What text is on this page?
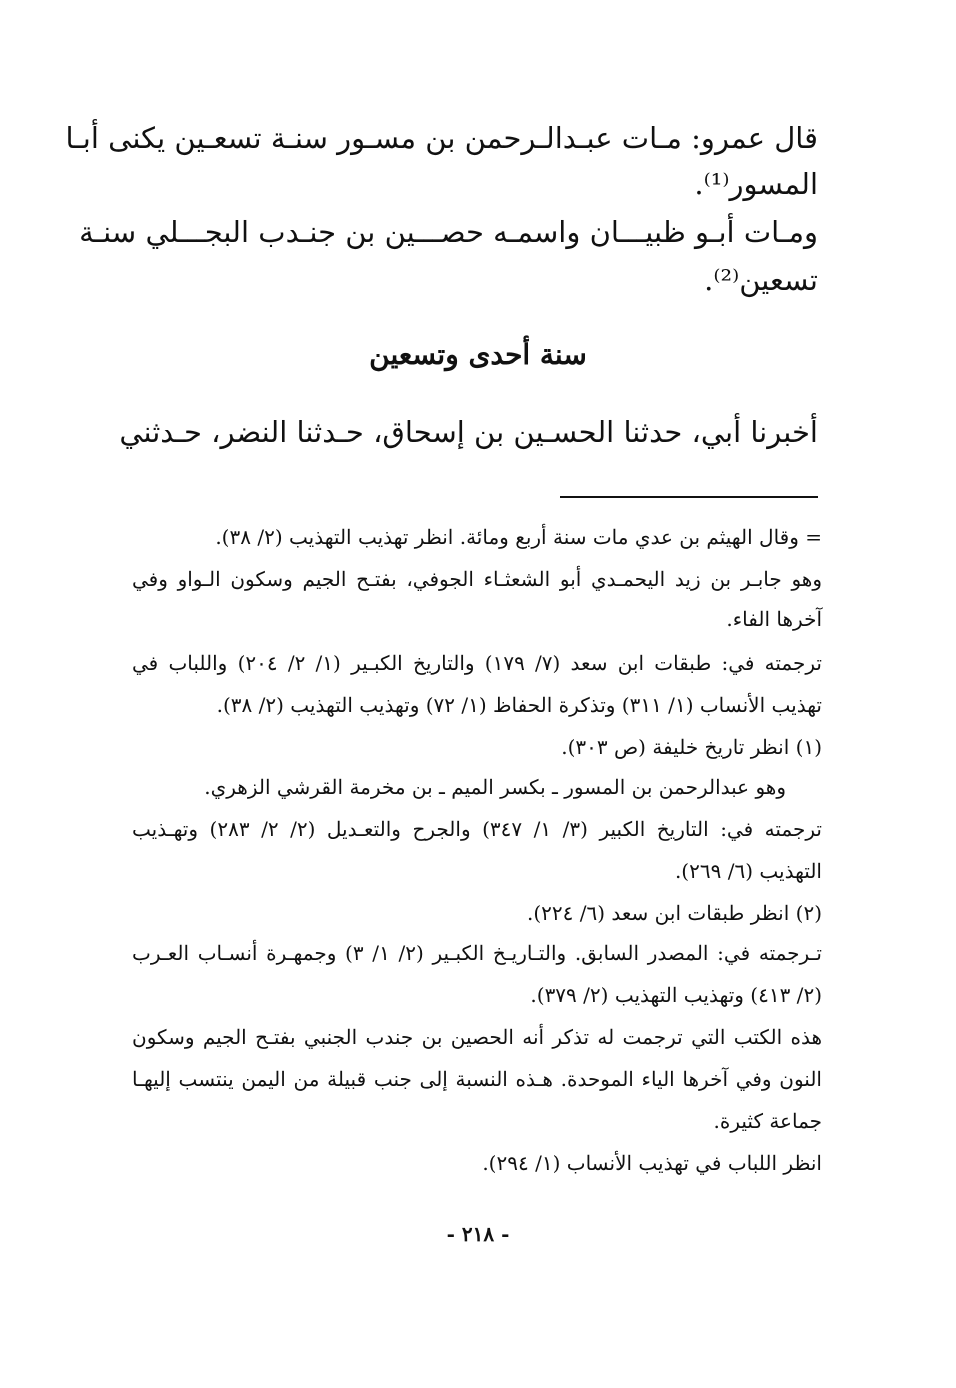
قال عمرو: مـات عبـدالـرحمن بن مسـور سنـة تسعـين يكنى أبـا
المسور⁽¹⁾.
ومـات أبـو ظبيـــان واسمـه حصـــين بن جنـدب البجـــلي سنـة
تسعين⁽²⁾.
سنة أحدى وتسعين
أخبرنا أبي، حدثنا الحسـين بن إسحاق، حـدثنا النضر، حـدثني
= وقال الهيثم بن عدي مات سنة أربع ومائة. انظر تهذيب التهذيب (٢/ ٣٨).
وهو جابـر بن زيد اليحمـدي أبو الشعثـاء الجوفي، بفتـح الجيم وسكون الـواو وفي
آخرها الفاء.
ترجمته في: طبقات ابن سعد (٧/ ١٧٩) والتاريخ الكبـير (١/ ٢/ ٢٠٤) واللباب في
تهذيب الأنساب (١/ ٣١١) وتذكرة الحفاظ (١/ ٧٢) وتهذيب التهذيب (٢/ ٣٨).
(١) انظر تاريخ خليفة (ص ٣٠٣).
وهو عبدالرحمن بن المسور ـ بكسر الميم ـ بن مخرمة القرشي الزهري.
ترجمته في: التاريخ الكبير (٣/ ١/ ٣٤٧) والجرح والتعـديل (٢/ ٢/ ٢٨٣) وتهـذيب
التهذيب (٦/ ٢٦٩).
(٢) انظر طبقات ابن سعد (٦/ ٢٢٤).
تـرجمته في: المصدر السابق. والتـاريـخ الكبـير (٢/ ١/ ٣) وجمهـرة أنسـاب العـرب
(٢/ ٤١٣) وتهذيب التهذيب (٢/ ٣٧٩).
هذه الكتب التي ترجمت له تذكر أنه الحصين بن جندب الجنبي بفتـح الجيم وسكون
النون وفي آخرها الياء الموحدة. هـذه النسبة إلى جنب قبيلة من اليمن ينتسب إليهـا
جماعة كثيرة.
انظر اللباب في تهذيب الأنساب (١/ ٢٩٤).
- ٢١٨ -
